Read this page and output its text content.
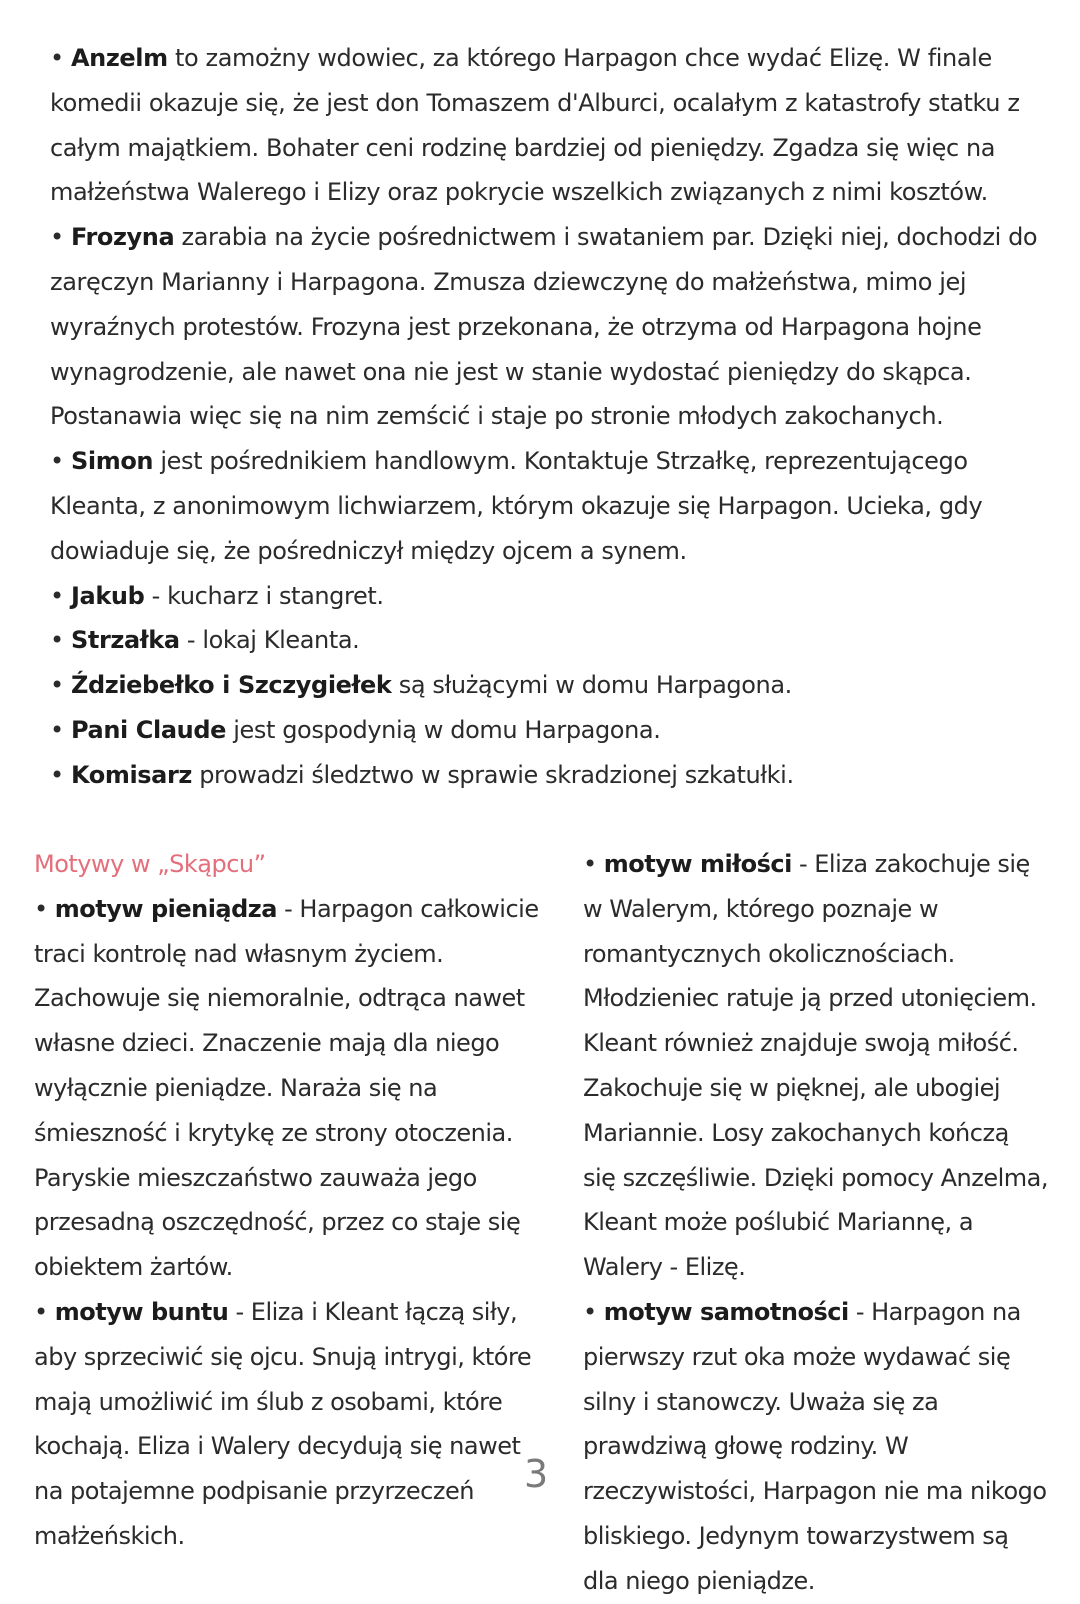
• Anzelm to zamożny wdowiec, za którego Harpagon chce wydać Elizę. W finale komedii okazuje się, że jest don Tomaszem d'Alburci, ocalałym z katastrofy statku z całym majątkiem. Bohater ceni rodzinę bardziej od pieniędzy. Zgadza się więc na małżeństwa Walerego i Elizy oraz pokrycie wszelkich związanych z nimi kosztów.

• Frozyna zarabia na życie pośrednictwem i swataniem par. Dzięki niej, dochodzi do zaręczyn Marianny i Harpagona. Zmusza dziewczynę do małżeństwa, mimo jej wyraźnych protestów. Frozyna jest przekonana, że otrzyma od Harpagona hojne wynagrodzenie, ale nawet ona nie jest w stanie wydostać pieniędzy do skąpca. Postanawia więc się na nim zemścić i staje po stronie młodych zakochanych.

• Simon jest pośrednikiem handlowym. Kontaktuje Strzałkę, reprezentującego Kleanta, z anonimowym lichwiarzem, którym okazuje się Harpagon. Ucieka, gdy dowiaduje się, że pośredniczył między ojcem a synem.

• Jakub - kucharz i stangret.

• Strzałka - lokaj Kleanta.

• Ździebełko i Szczygiełek są służącymi w domu Harpagona.

• Pani Claude jest gospodynią w domu Harpagona.

• Komisarz prowadzi śledztwo w sprawie skradzionej szkatułki.

Motywy w „Skąpcu”

• motyw pieniądza - Harpagon całkowicie traci kontrolę nad własnym życiem. Zachowuje się niemoralnie, odtrąca nawet własne dzieci. Znaczenie mają dla niego wyłącznie pieniądze. Naraża się na śmieszność i krytykę ze strony otoczenia. Paryskie mieszczaństwo zauważa jego przesadną oszczędność, przez co staje się obiektem żartów.

• motyw buntu - Eliza i Kleant łączą siły, aby sprzeciwić się ojcu. Snują intrygi, które mają umożliwić im ślub z osobami, które kochają. Eliza i Walery decydują się nawet na potajemne podpisanie przyrzeczeń małżeńskich.

• motyw miłości - Eliza zakochuje się w Walerym, którego poznaje w romantycznych okolicznościach. Młodzieniec ratuje ją przed utonięciem. Kleant również znajduje swoją miłość. Zakochuje się w pięknej, ale ubogiej Mariannie. Losy zakochanych kończą się szczęśliwie. Dzięki pomocy Anzelma, Kleant może poślubić Mariannę, a Walery - Elizę.

• motyw samotności - Harpagon na pierwszy rzut oka może wydawać się silny i stanowczy. Uważa się za prawdziwą głowę rodziny. W rzeczywistości, Harpagon nie ma nikogo bliskiego. Jedynym towarzystwem są dla niego pieniądze.

3
